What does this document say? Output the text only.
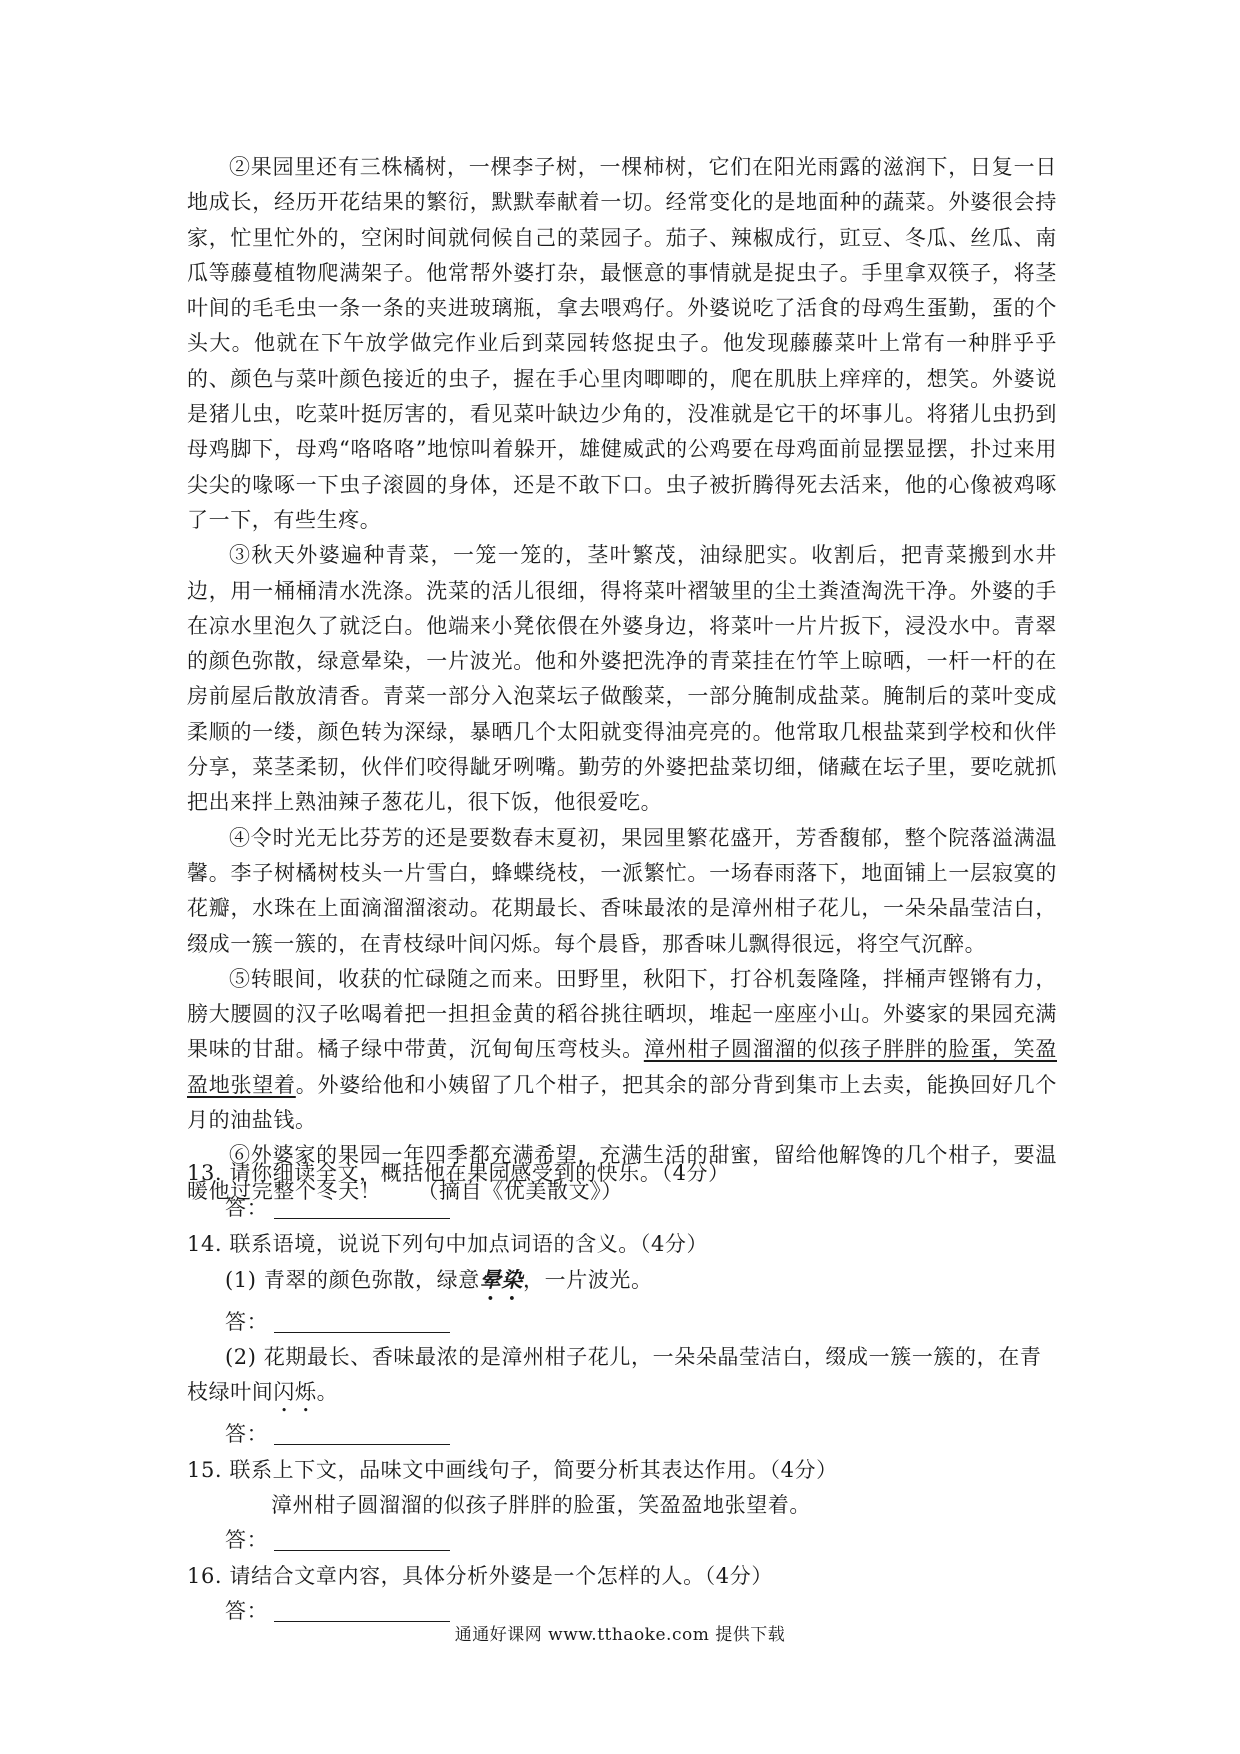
②果园里还有三株橘树，一棵李子树，一棵柿树，它们在阳光雨露的滋润下，日复一日地成长，经历开花结果的繁衍，默默奉献着一切。经常变化的是地面种的蔬菜。外婆很会持家，忙里忙外的，空闲时间就伺候自己的菜园子。茄子、辣椒成行，豇豆、冬瓜、丝瓜、南瓜等藤蔓植物爬满架子。他常帮外婆打杂，最惬意的事情就是捉虫子。手里拿双筷子，将茎叶间的毛毛虫一条一条的夹进玻璃瓶，拿去喂鸡仔。外婆说吃了活食的母鸡生蛋勤，蛋的个头大。他就在下午放学做完作业后到菜园转悠捉虫子。他发现藤藤菜叶上常有一种胖乎乎的、颜色与菜叶颜色接近的虫子，握在手心里肉唧唧的，爬在肌肤上痒痒的，想笑。外婆说是猪儿虫，吃菜叶挺厉害的，看见菜叶缺边少角的，没准就是它干的坏事儿。将猪儿虫扔到母鸡脚下，母鸡“咯咯咯”地惊叫着躲开，雄健威武的公鸡要在母鸡面前显摆显摆，扑过来用尖尖的喙啄一下虫子滚圆的身体，还是不敢下口。虫子被折腾得死去活来，他的心像被鸡啄了一下，有些生疼。

③秋天外婆遍种青菜，一笼一笼的，茎叶繁茂，油绿肥实。收割后，把青菜搬到水井边，用一桶桶清水洗涤。洗菜的活儿很细，得将菜叶褶皱里的尘土粪渣淘洗干净。外婆的手在凉水里泡久了就泛白。他端来小凳依偎在外婆身边，将菜叶一片片扳下，浸没水中。青翠的颜色弥散，绿意晕染，一片波光。他和外婆把洗净的青菜挂在竹竿上晾晒，一杆一杆的在房前屋后散放清香。青菜一部分入泡菜坛子做酸菜，一部分腌制成盐菜。腌制后的菜叶变成柔顺的一缕，颜色转为深绿，暴晒几个太阳就变得油亮亮的。他常取几根盐菜到学校和伙伴分享，菜茎柔韧，伙伴们咬得龇牙咧嘴。勤劳的外婆把盐菜切细，储藏在坛子里，要吃就抓把出来拌上熟油辣子葱花儿，很下饭，他很爱吃。

④令时光无比芬芳的还是要数春末夏初，果园里繁花盛开，芳香馥郁，整个院落溢满温馨。李子树橘树枝头一片雪白，蜂蝶绕枝，一派繁忙。一场春雨落下，地面铺上一层寂寞的花瓣，水珠在上面滴溜溜滚动。花期最长、香味最浓的是漳州柑子花儿，一朵朵晶莹洁白，缀成一簇一簇的，在青枝绿叶间闪烁。每个晨昏，那香味儿飘得很远，将空气沉醉。

⑤转眼间，收获的忙碌随之而来。田野里，秋阳下，打谷机轰隆隆，拌桶声铿锵有力，膀大腰圆的汉子吆喝着把一担担金黄的稻谷挑往晒坝，堆起一座座小山。外婆家的果园充满果味的甘甜。橘子绿中带黄，沉甸甸压弯枝头。漳州柑子圆溜溜的似孩子胖胖的脸蛋，笑盈盈地张望着。外婆给他和小姨留了几个柑子，把其余的部分背到集市上去卖，能换回好几个月的油盐钱。

⑥外婆家的果园一年四季都充满希望，充满生活的甜蜜，留给他解馋的几个柑子，要温暖他过完整个冬天！ （摘自《优美散文》）

13. 请你细读全文，概括他在果园感受到的快乐。（4分）
答：
14. 联系语境，说说下列句中加点词语的含义。（4分）
(1) 青翠的颜色弥散，绿意晕染，一片波光。
答：
(2) 花期最长、香味最浓的是漳州柑子花儿，一朵朵晶莹洁白，缀成一簇一簇的，在青枝绿叶间闪烁。
答：
15. 联系上下文，品味文中画线句子，简要分析其表达作用。（4分）
漳州柑子圆溜溜的似孩子胖胖的脸蛋，笑盈盈地张望着。
答：
16. 请结合文章内容，具体分析外婆是一个怎样的人。（4分）
答：
通通好课网 www.tthaoke.com 提供下载
